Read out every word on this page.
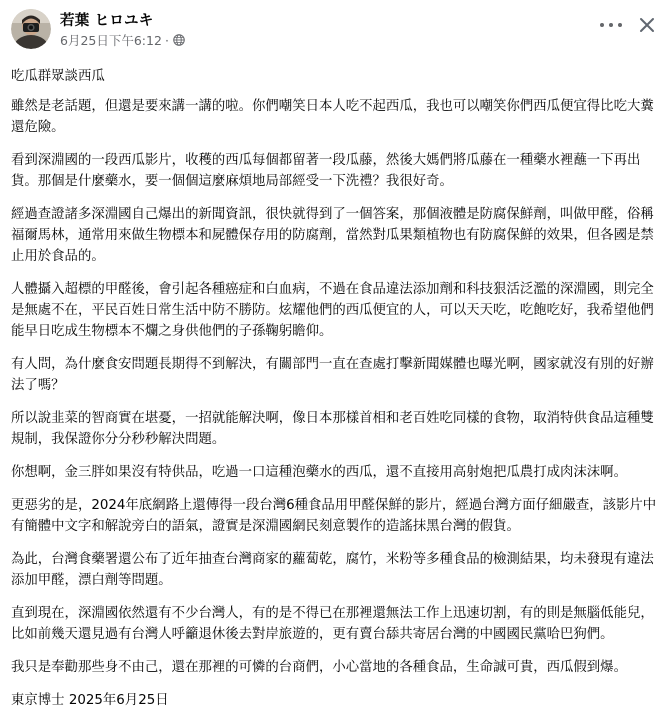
若葉 ヒロユキ
6月25日下午6:12 ·

吃瓜群眾談西瓜

雖然是老話題，但還是要來講一講的啦。你們嘲笑日本人吃不起西瓜，我也可以嘲笑你們西瓜便宜得比吃大糞還危險。

看到深淵國的一段西瓜影片，收穫的西瓜每個都留著一段瓜藤，然後大媽們將瓜藤在一種藥水裡蘸一下再出貨。那個是什麼藥水，要一個個這麼麻煩地局部經受一下洗禮？我很好奇。

經過查證諸多深淵國自己爆出的新聞資訊，很快就得到了一個答案，那個液體是防腐保鮮劑，叫做甲醛，俗稱福爾馬林，通常用來做生物標本和屍體保存用的防腐劑，當然對瓜果類植物也有防腐保鮮的效果，但各國是禁止用於食品的。

人體攝入超標的甲醛後，會引起各種癌症和白血病，不過在食品違法添加劑和科技狠活泛濫的深淵國，則完全是無處不在，平民百姓日常生活中防不勝防。炫耀他們的西瓜便宜的人，可以天天吃，吃飽吃好，我希望他們能早日吃成生物標本不爛之身供他們的子孫鞠躬瞻仰。

有人問，為什麼食安問題長期得不到解決，有關部門一直在查處打擊新聞媒體也曝光啊，國家就沒有別的好辦法了嗎？

所以說韭菜的智商實在堪憂，一招就能解決啊，像日本那樣首相和老百姓吃同樣的食物，取消特供食品這種雙規制，我保證你分分秒秒解決問題。

你想啊，金三胖如果沒有特供品，吃過一口這種泡藥水的西瓜，還不直接用高射炮把瓜農打成肉沫沫啊。

更惡劣的是，2024年底網路上還傳得一段台灣6種食品用甲醛保鮮的影片，經過台灣方面仔細嚴查，該影片中有簡體中文字和解說旁白的語氣，證實是深淵國網民刻意製作的造謠抹黑台灣的假貨。

為此，台灣食藥署還公布了近年抽查台灣商家的蘿蔔乾，腐竹，米粉等多種食品的檢測結果，均未發現有違法添加甲醛，漂白劑等問題。

直到現在，深淵國依然還有不少台灣人，有的是不得已在那裡還無法工作上迅速切割，有的則是無腦低能兒，比如前幾天還見過有台灣人呼籲退休後去對岸旅遊的，更有賣台舔共寄居台灣的中國國民黨哈巴狗們。

我只是奉勸那些身不由己，還在那裡的可憐的台商們，小心當地的各種食品，生命誠可貴，西瓜假到爆。

東京博士 2025年6月25日
